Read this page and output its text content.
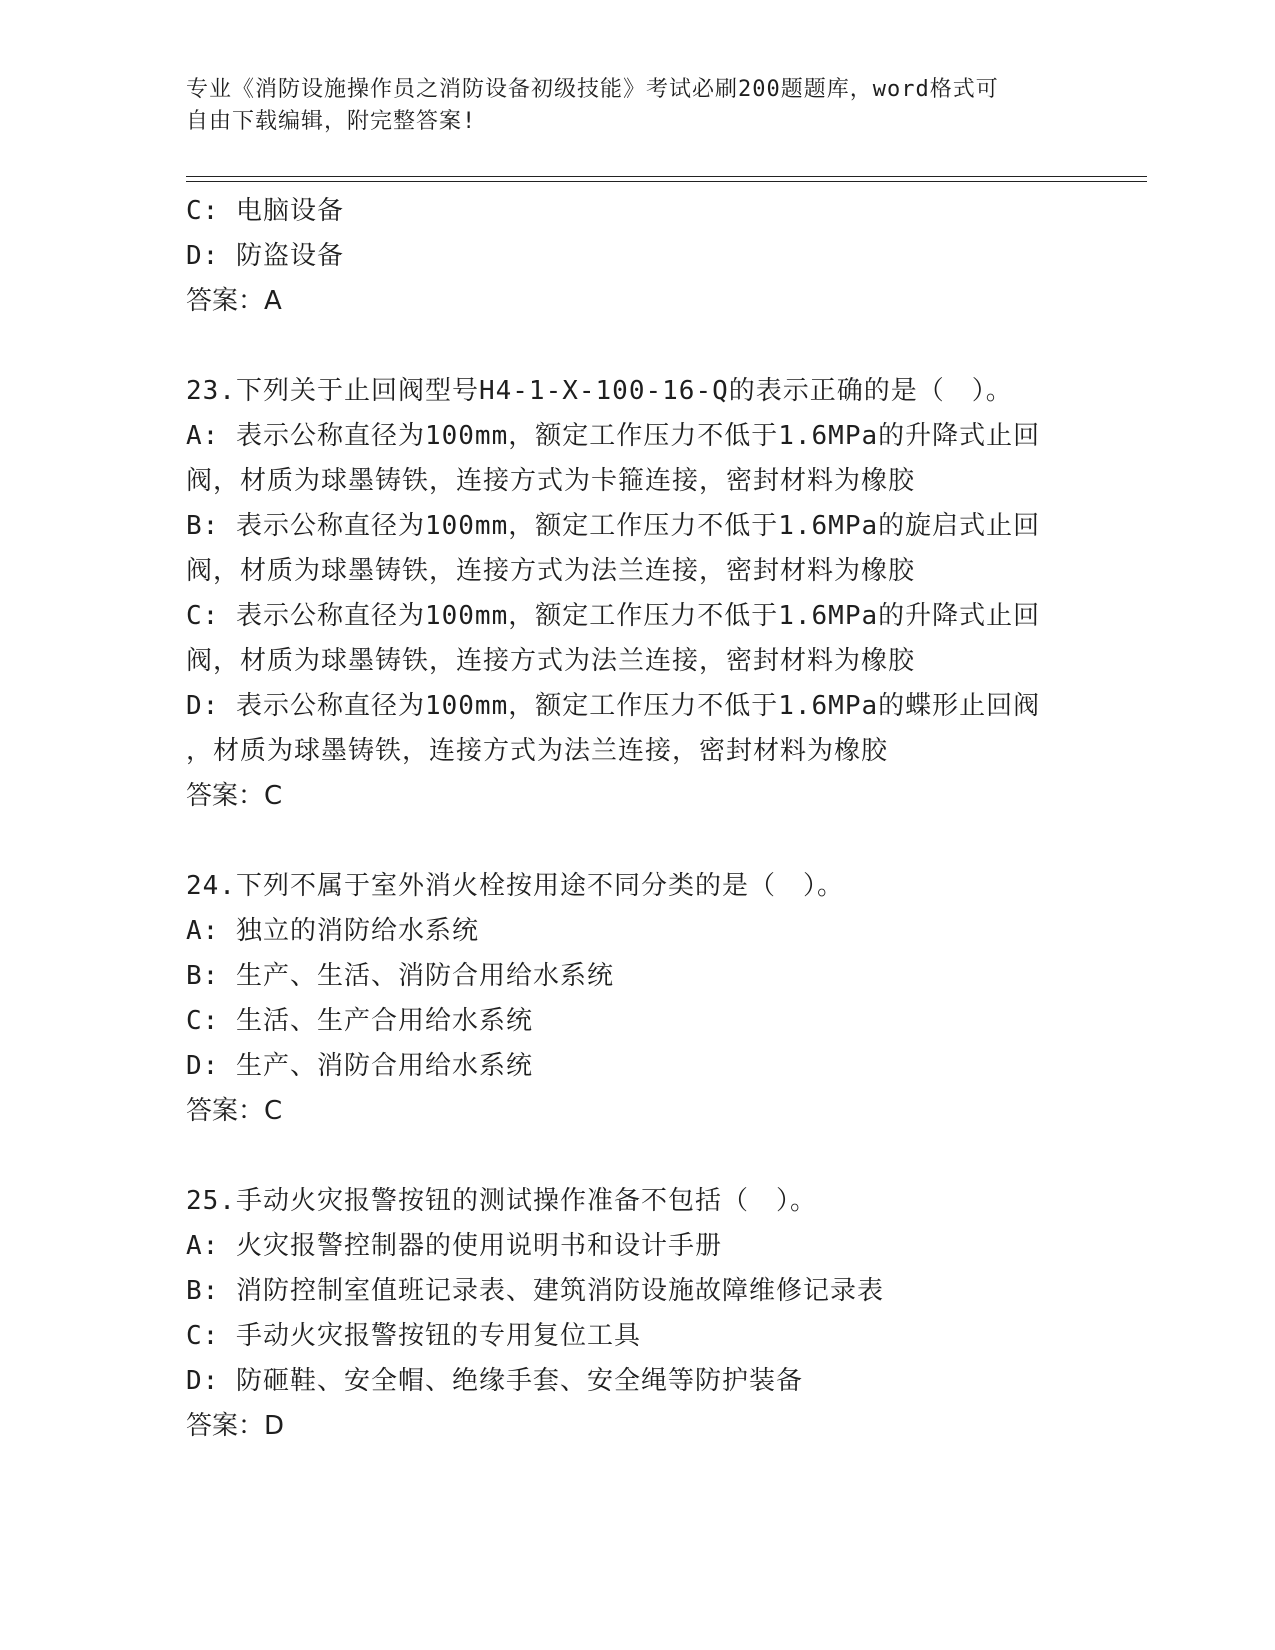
专业《消防设施操作员之消防设备初级技能》考试必刷200题题库，word格式可
自由下载编辑，附完整答案!
C: 电脑设备
D: 防盗设备
答案：A
23.下列关于止回阀型号H4-1-X-100-16-Q的表示正确的是（　）。
A: 表示公称直径为100mm，额定工作压力不低于1.6MPa的升降式止回
阀，材质为球墨铸铁，连接方式为卡箍连接，密封材料为橡胶
B: 表示公称直径为100mm，额定工作压力不低于1.6MPa的旋启式止回
阀，材质为球墨铸铁，连接方式为法兰连接，密封材料为橡胶
C: 表示公称直径为100mm，额定工作压力不低于1.6MPa的升降式止回
阀，材质为球墨铸铁，连接方式为法兰连接，密封材料为橡胶
D: 表示公称直径为100mm，额定工作压力不低于1.6MPa的蝶形止回阀
，材质为球墨铸铁，连接方式为法兰连接，密封材料为橡胶
答案：C
24.下列不属于室外消火栓按用途不同分类的是（　）。
A: 独立的消防给水系统
B: 生产、生活、消防合用给水系统
C: 生活、生产合用给水系统
D: 生产、消防合用给水系统
答案：C
25.手动火灾报警按钮的测试操作准备不包括（　）。
A: 火灾报警控制器的使用说明书和设计手册
B: 消防控制室值班记录表、建筑消防设施故障维修记录表
C: 手动火灾报警按钮的专用复位工具
D: 防砸鞋、安全帽、绝缘手套、安全绳等防护装备
答案：D
